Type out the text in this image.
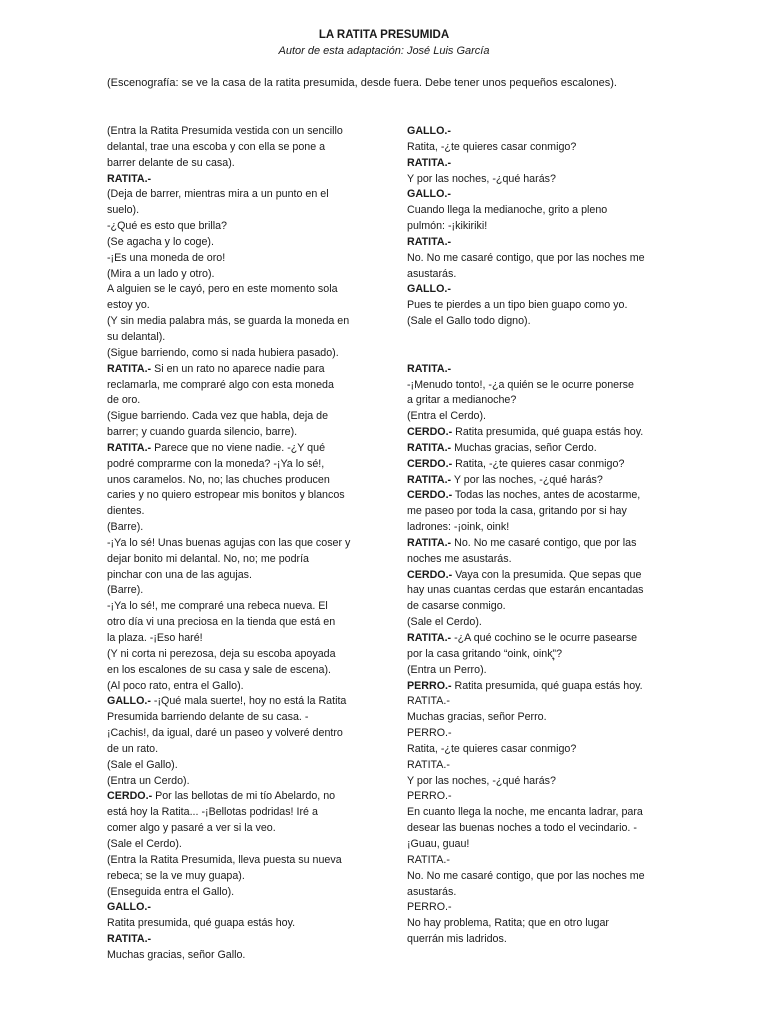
LA RATITA PRESUMIDA
Autor de esta adaptación: José Luis García
(Escenografía: se ve la casa de la ratita presumida, desde fuera. Debe tener unos pequeños escalones).
(Entra la Ratita Presumida vestida con un sencillo
delantal, trae una escoba y con ella se pone a
barrer delante de su casa).
RATITA.-
(Deja de barrer, mientras mira a un punto en el
suelo).
-¿Qué es esto que brilla?
(Se agacha y lo coge).
-¡Es una moneda de oro!
(Mira a un lado y otro).
A alguien se le cayó, pero en este momento sola
estoy yo.
(Y sin media palabra más, se guarda la moneda en
su delantal).
(Sigue barriendo, como si nada hubiera pasado).
RATITA.- Si en un rato no aparece nadie para
reclamarla, me compraré algo con esta moneda
de oro.
(Sigue barriendo. Cada vez que habla, deja de
barrer; y cuando guarda silencio, barre).
RATITA.- Parece que no viene nadie. -¿Y qué
podré comprarme con la moneda? -¡Ya lo sé!,
unos caramelos. No, no; las chuches producen
caries y no quiero estropear mis bonitos y blancos
dientes.
(Barre).
-¡Ya lo sé! Unas buenas agujas con las que coser y
dejar bonito mi delantal. No, no; me podría
pinchar con una de las agujas.
(Barre).
-¡Ya lo sé!, me compraré una rebeca nueva. El
otro día vi una preciosa en la tienda que está en
la plaza. -¡Eso haré!
(Y ni corta ni perezosa, deja su escoba apoyada
en los escalones de su casa y sale de escena).
(Al poco rato, entra el Gallo).
GALLO.- -¡Qué mala suerte!, hoy no está la Ratita
Presumida barriendo delante de su casa. -
¡Cachis!, da igual, daré un paseo y volveré dentro
de un rato.
(Sale el Gallo).
(Entra un Cerdo).
CERDO.- Por las bellotas de mi tío Abelardo, no
está hoy la Ratita... -¡Bellotas podridas! Iré a
comer algo y pasaré a ver si la veo.
(Sale el Cerdo).
(Entra la Ratita Presumida, lleva puesta su nueva
rebeca; se la ve muy guapa).
(Enseguida entra el Gallo).
GALLO.-
Ratita presumida, qué guapa estás hoy.
RATITA.-
Muchas gracias, señor Gallo.
GALLO.-
Ratita, -¿te quieres casar conmigo?
RATITA.-
Y por las noches, -¿qué harás?
GALLO.-
Cuando llega la medianoche, grito a pleno
pulmón: -¡kikiriki!
RATITA.-
No. No me casaré contigo, que por las noches me
asustarás.
GALLO.-
Pues te pierdes a un tipo bien guapo como yo.
(Sale el Gallo todo digno).
RATITA.-
-¡Menudo tonto!, -¿a quién se le ocurre ponerse
a gritar a medianoche?
(Entra el Cerdo).
CERDO.- Ratita presumida, qué guapa estás hoy.
RATITA.- Muchas gracias, señor Cerdo.
CERDO.- Ratita, -¿te quieres casar conmigo?
RATITA.- Y por las noches, -¿qué harás?
CERDO.- Todas las noches, antes de acostarme,
me paseo por toda la casa, gritando por si hay
ladrones: -¡oink, oink!
RATITA.- No. No me casaré contigo, que por las
noches me asustarás.
CERDO.- Vaya con la presumida. Que sepas que
hay unas cuantas cerdas que estarán encantadas
de casarse conmigo.
(Sale el Cerdo).
RATITA.- -¿A qué cochino se le ocurre pasearse
por la casa gritando “oink, oink”ຸ?
(Entra un Perro).
PERRO.- Ratita presumida, qué guapa estás hoy.
RATITA.-
Muchas gracias, señor Perro.
PERRO.-
Ratita, -¿te quieres casar conmigo?
RATITA.-
Y por las noches, -¿qué harás?
PERRO.-
En cuanto llega la noche, me encanta ladrar, para
desear las buenas noches a todo el vecindario. -
¡Guau, guau!
RATITA.-
No. No me casaré contigo, que por las noches me
asustarás.
PERRO.-
No hay problema, Ratita; que en otro lugar
querrán mis ladridos.
